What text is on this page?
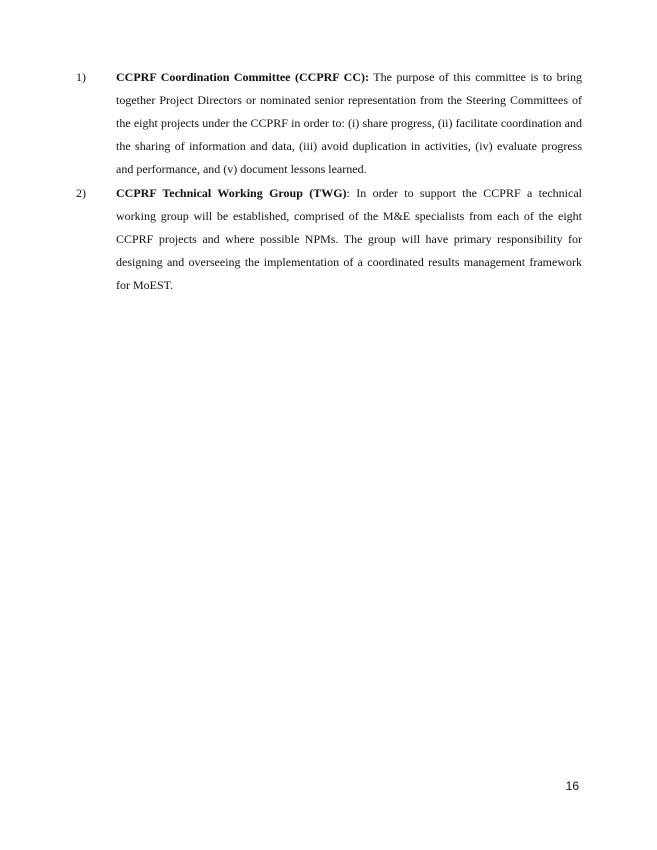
1)	CCPRF Coordination Committee (CCPRF CC): The purpose of this committee is to bring together Project Directors or nominated senior representation from the Steering Committees of the eight projects under the CCPRF in order to: (i) share progress, (ii) facilitate coordination and the sharing of information and data, (iii) avoid duplication in activities, (iv) evaluate progress and performance, and (v) document lessons learned.
2)	CCPRF Technical Working Group (TWG): In order to support the CCPRF a technical working group will be established, comprised of the M&E specialists from each of the eight CCPRF projects and where possible NPMs. The group will have primary responsibility for designing and overseeing the implementation of a coordinated results management framework for MoEST.
16
